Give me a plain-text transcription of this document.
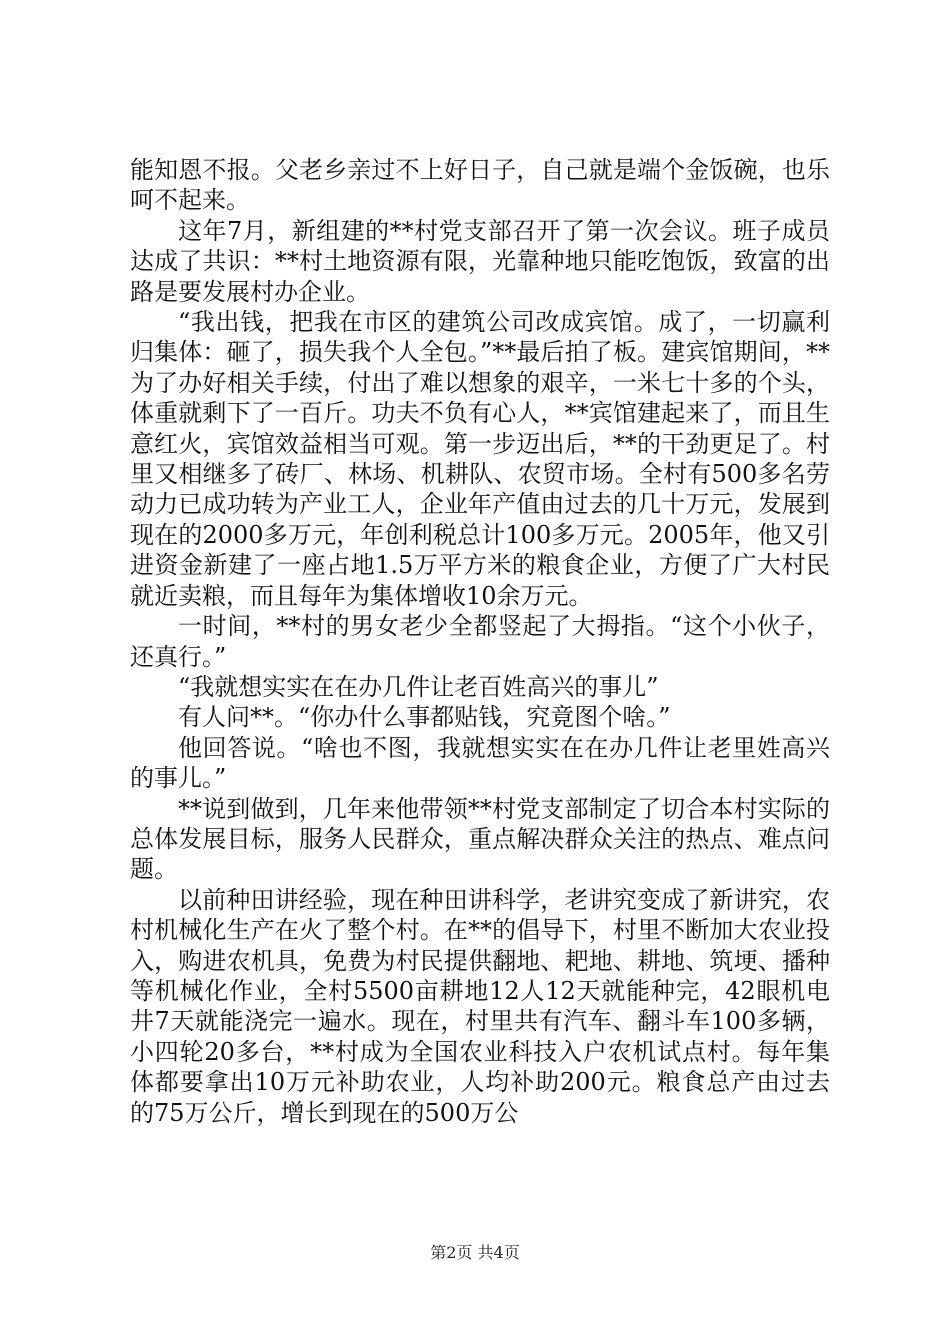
能知恩不报。父老乡亲过不上好日子，自己就是端个金饭碗，也乐呵不起来。

这年7月，新组建的**村党支部召开了第一次会议。班子成员达成了共识：**村土地资源有限，光靠种地只能吃饱饭，致富的出路是要发展村办企业。

“我出钱，把我在市区的建筑公司改成宾馆。成了，一切赢利归集体：砸了，损失我个人全包。”**最后拍了板。建宾馆期间，**为了办好相关手续，付出了难以想象的艰辛，一米七十多的个头，体重就剩下了一百斤。功夫不负有心人，**宾馆建起来了，而且生意红火，宾馆效益相当可观。第一步迈出后，**的干劲更足了。村里又相继多了砖厂、林场、机耕队、农贸市场。全村有500多名劳动力已成功转为产业工人，企业年产值由过去的几十万元，发展到现在的2000多万元，年创利税总计100多万元。2005年，他又引进资金新建了一座占地1.5万平方米的粮食企业，方便了广大村民就近卖粮，而且每年为集体增收10余万元。

一时间，**村的男女老少全都竖起了大拇指。“这个小伙子，还真行。”

“我就想实实在在办几件让老百姓高兴的事儿”

有人问**。“你办什么事都贴钱，究竟图个啥。”

他回答说。“啥也不图，我就想实实在在办几件让老里姓高兴的事儿。”

**说到做到，几年来他带领**村党支部制定了切合本村实际的总体发展目标，服务人民群众，重点解决群众关注的热点、难点问题。

以前种田讲经验，现在种田讲科学，老讲究变成了新讲究，农村机械化生产在火了整个村。在**的倡导下，村里不断加大农业投入，购进农机具，免费为村民提供翻地、耙地、耕地、筑埂、播种等机械化作业，全村5500亩耕地12人12天就能种完，42眼机电井7天就能浇完一遍水。现在，村里共有汽车、翻斗车100多辆，小四轮20多台，**村成为全国农业科技入户农机试点村。每年集体都要拿出10万元补助农业，人均补助200元。粮食总产由过去的75万公斤，增长到现在的500万公

第2页 共4页
